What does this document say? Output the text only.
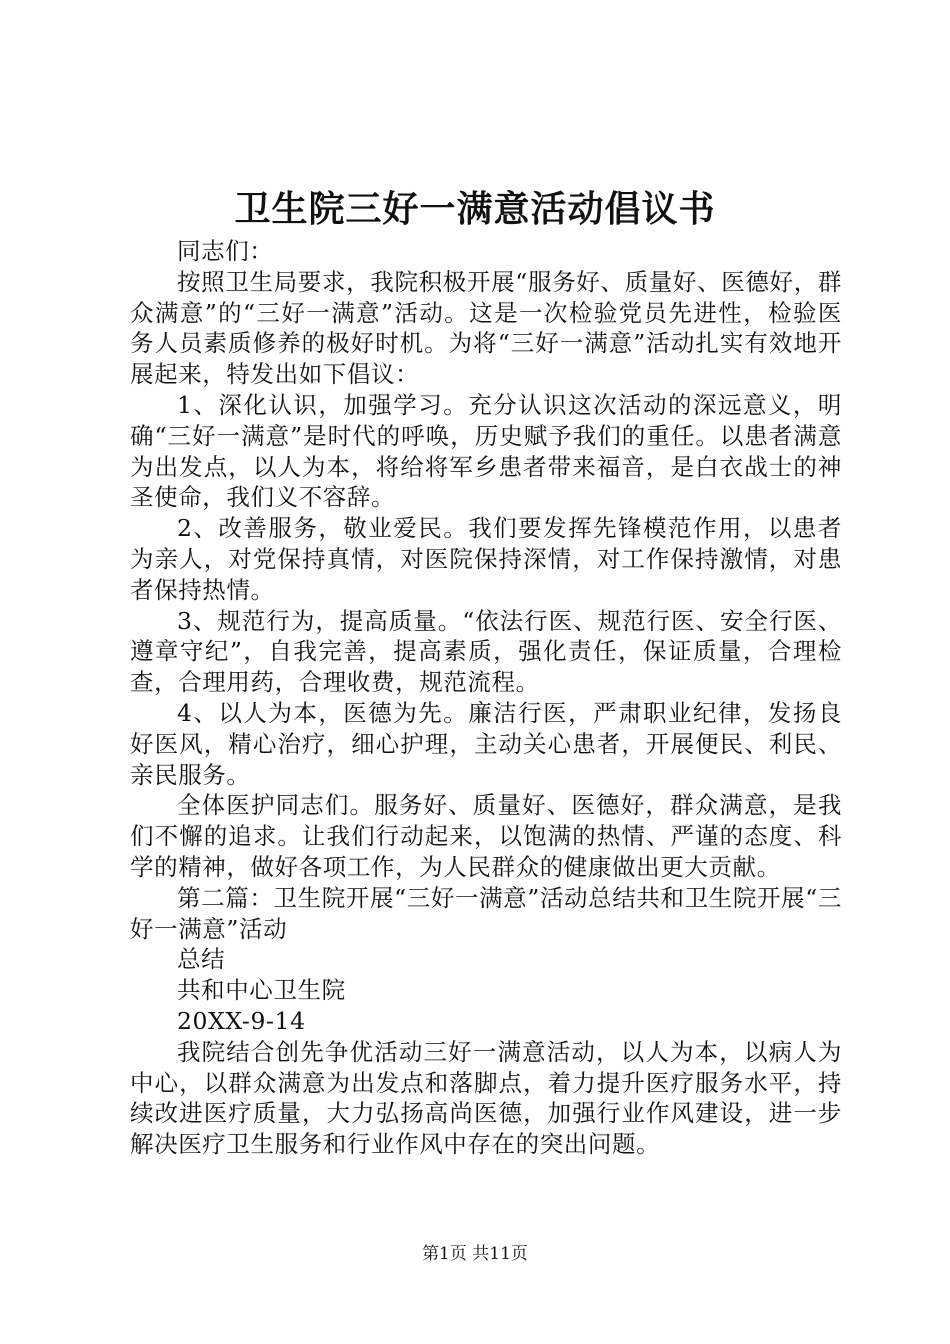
卫生院三好一满意活动倡议书

同志们：

按照卫生局要求，我院积极开展“服务好、质量好、医德好，群众满意”的“三好一满意”活动。这是一次检验党员先进性，检验医务人员素质修养的极好时机。为将“三好一满意”活动扎实有效地开展起来，特发出如下倡议：

1、深化认识，加强学习。充分认识这次活动的深远意义，明确“三好一满意”是时代的呼唤，历史赋予我们的重任。以患者满意为出发点，以人为本，将给将军乡患者带来福音，是白衣战士的神圣使命，我们义不容辞。

2、改善服务，敬业爱民。我们要发挥先锋模范作用，以患者为亲人，对党保持真情，对医院保持深情，对工作保持激情，对患者保持热情。

3、规范行为，提高质量。“依法行医、规范行医、安全行医、遵章守纪”，自我完善，提高素质，强化责任，保证质量，合理检查，合理用药，合理收费，规范流程。

4、以人为本，医德为先。廉洁行医，严肃职业纪律，发扬良好医风，精心治疗，细心护理，主动关心患者，开展便民、利民、亲民服务。

全体医护同志们。服务好、质量好、医德好，群众满意，是我们不懈的追求。让我们行动起来，以饱满的热情、严谨的态度、科学的精神，做好各项工作，为人民群众的健康做出更大贡献。

第二篇：卫生院开展“三好一满意”活动总结共和卫生院开展“三好一满意”活动

总结

共和中心卫生院

20XX-9-14

我院结合创先争优活动三好一满意活动，以人为本，以病人为中心，以群众满意为出发点和落脚点，着力提升医疗服务水平，持续改进医疗质量，大力弘扬高尚医德，加强行业作风建设，进一步解决医疗卫生服务和行业作风中存在的突出问题。

第1页 共11页
